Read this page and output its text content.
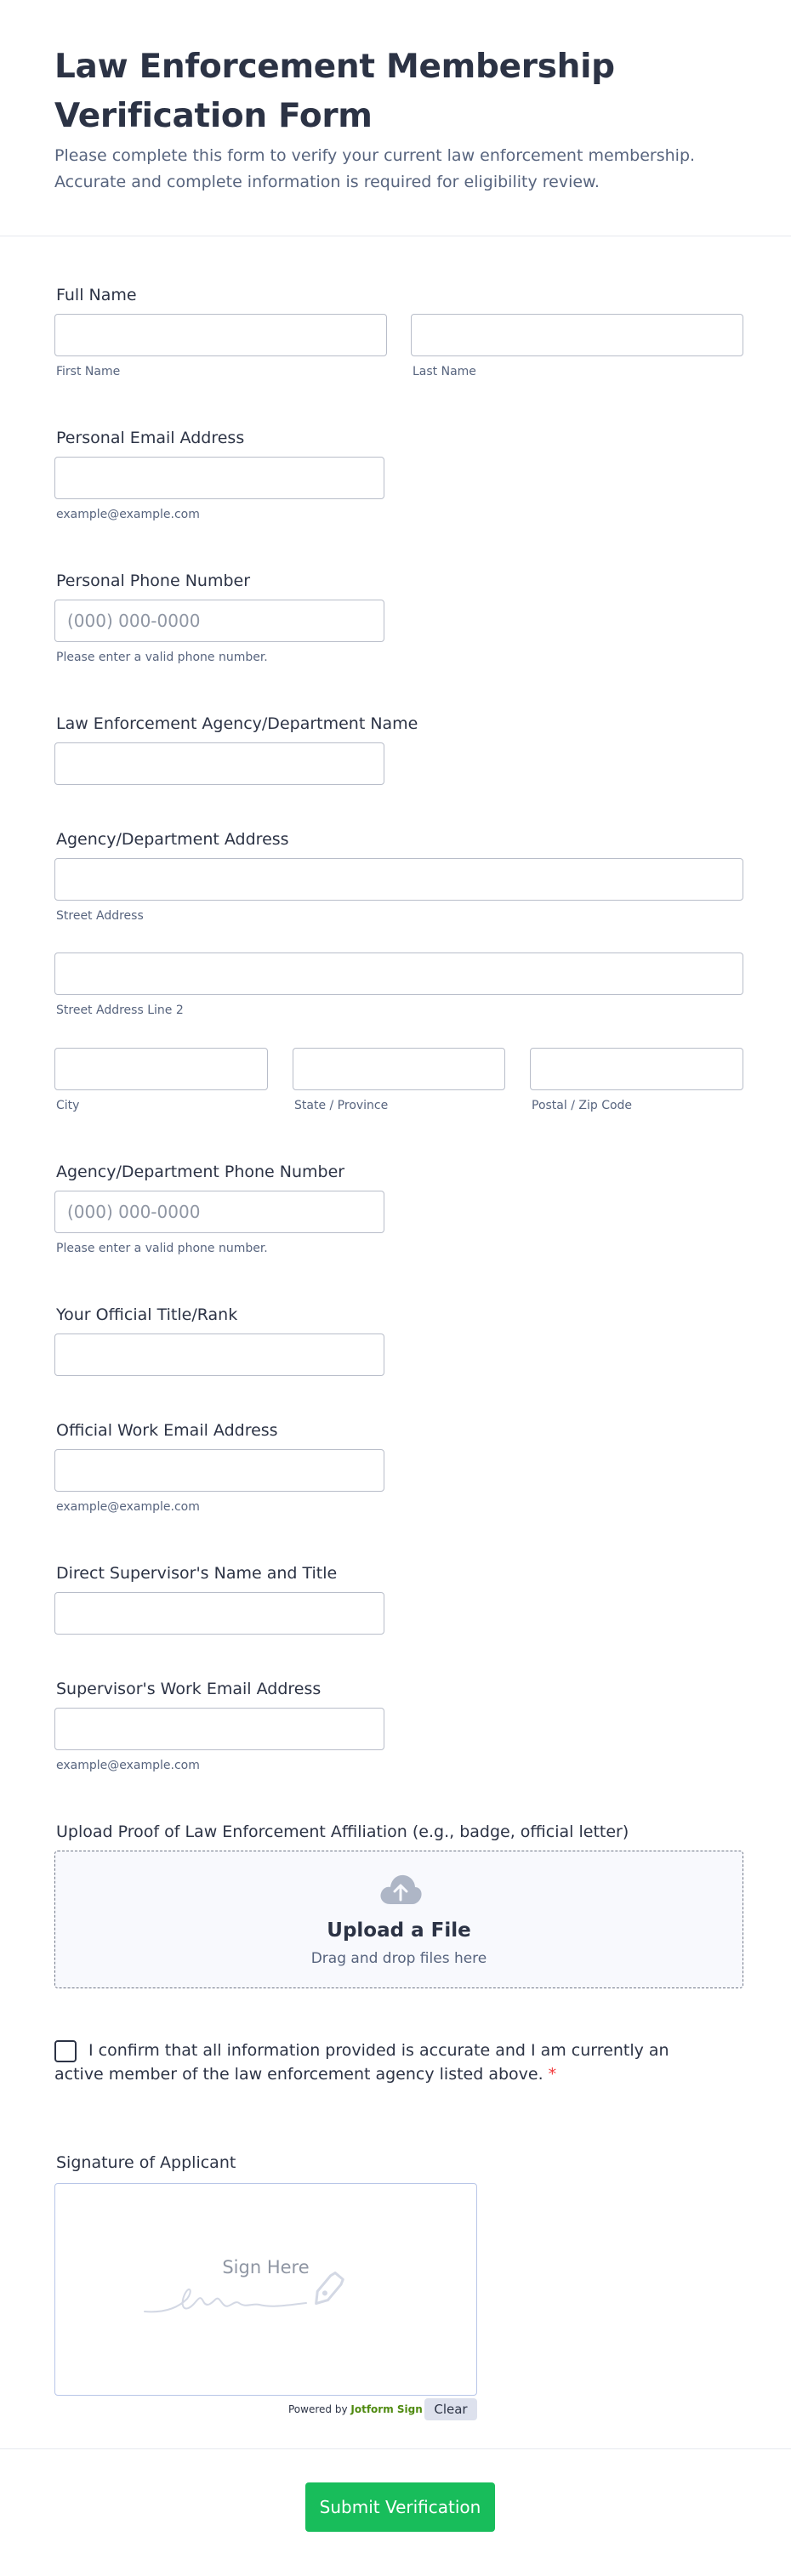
Law Enforcement Membership Verification Form

Please complete this form to verify your current law enforcement membership. Accurate and complete information is required for eligibility review.

Full Name
First Name	Last Name
Personal Email Address
example@example.com
Personal Phone Number
(000) 000-0000
Please enter a valid phone number.
Law Enforcement Agency/Department Name
Agency/Department Address
Street Address
Street Address Line 2
City	State / Province	Postal / Zip Code
Agency/Department Phone Number
(000) 000-0000
Please enter a valid phone number.
Your Official Title/Rank
Official Work Email Address
example@example.com
Direct Supervisor's Name and Title
Supervisor's Work Email Address
example@example.com
Upload Proof of Law Enforcement Affiliation (e.g., badge, official letter)
Upload a File
Drag and drop files here
I confirm that all information provided is accurate and I am currently an active member of the law enforcement agency listed above. *
Signature of Applicant
Sign Here
Powered by Jotform Sign Clear
Submit Verification
